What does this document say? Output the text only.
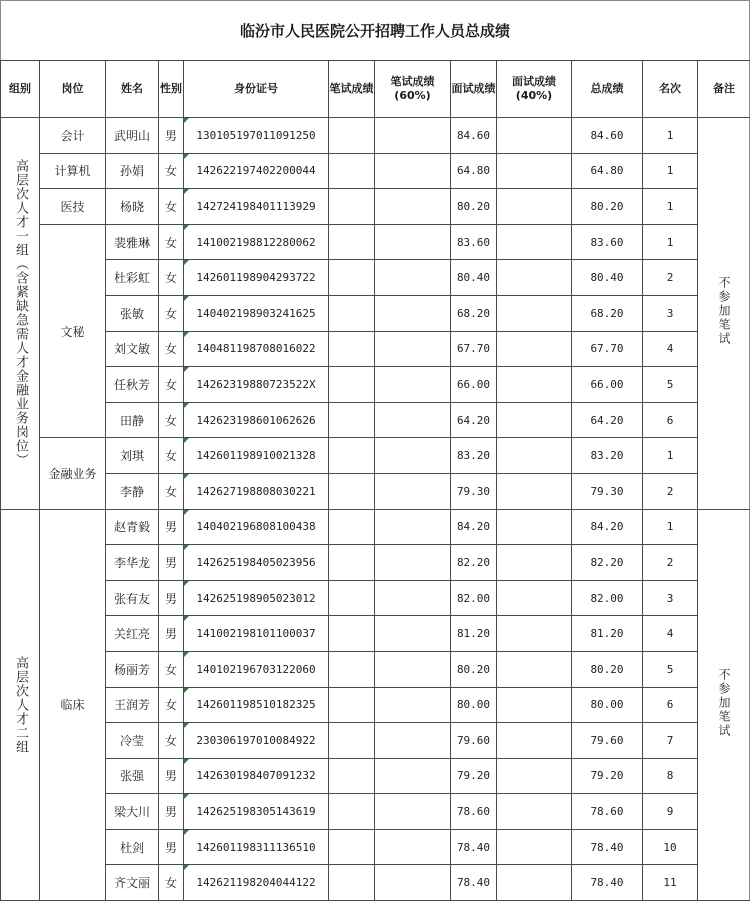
临汾市人民医院公开招聘工作人员总成绩
组别	岗位	姓名	性别	身份证号	笔试成绩	笔试成绩(60%)	面试成绩	面试成绩(40%)	总成绩	名次	备注
高层次人才一组（含紧缺急需人才金融业务岗位）	会计	武明山	男	130105197011091250			84.60		84.60	1	不参加笔试
	计算机	孙娟	女	142622197402200044			64.80		64.80	1	
	医技	杨晓	女	142724198401113929			80.20		80.20	1	
	文秘	裴雅琳	女	141002198812280062			83.60		83.60	1	
		杜彩虹	女	142601198904293722			80.40		80.40	2	
		张敏	女	140402198903241625			68.20		68.20	3	
		刘文敏	女	140481198708016022			67.70		67.70	4	
		任秋芳	女	14262319880723522X			66.00		66.00	5	
		田静	女	142623198601062626			64.20		64.20	6	
	金融业务	刘琪	女	142601198910021328			83.20		83.20	1	
		李静	女	142627198808030221			79.30		79.30	2	
高层次人才二组	临床	赵青毅	男	140402196808100438			84.20		84.20	1	不参加笔试
		李华龙	男	142625198405023956			82.20		82.20	2	
		张有友	男	142625198905023012			82.00		82.00	3	
		关红亮	男	141002198101100037			81.20		81.20	4	
		杨丽芳	女	140102196703122060			80.20		80.20	5	
		王润芳	女	142601198510182325			80.00		80.00	6	
		冷莹	女	230306197010084922			79.60		79.60	7	
		张强	男	142630198407091232			79.20		79.20	8	
		梁大川	男	142625198305143619			78.60		78.60	9	
		杜剑	男	142601198311136510			78.40		78.40	10	
		齐文丽	女	142621198204044122			78.40		78.40	11	
